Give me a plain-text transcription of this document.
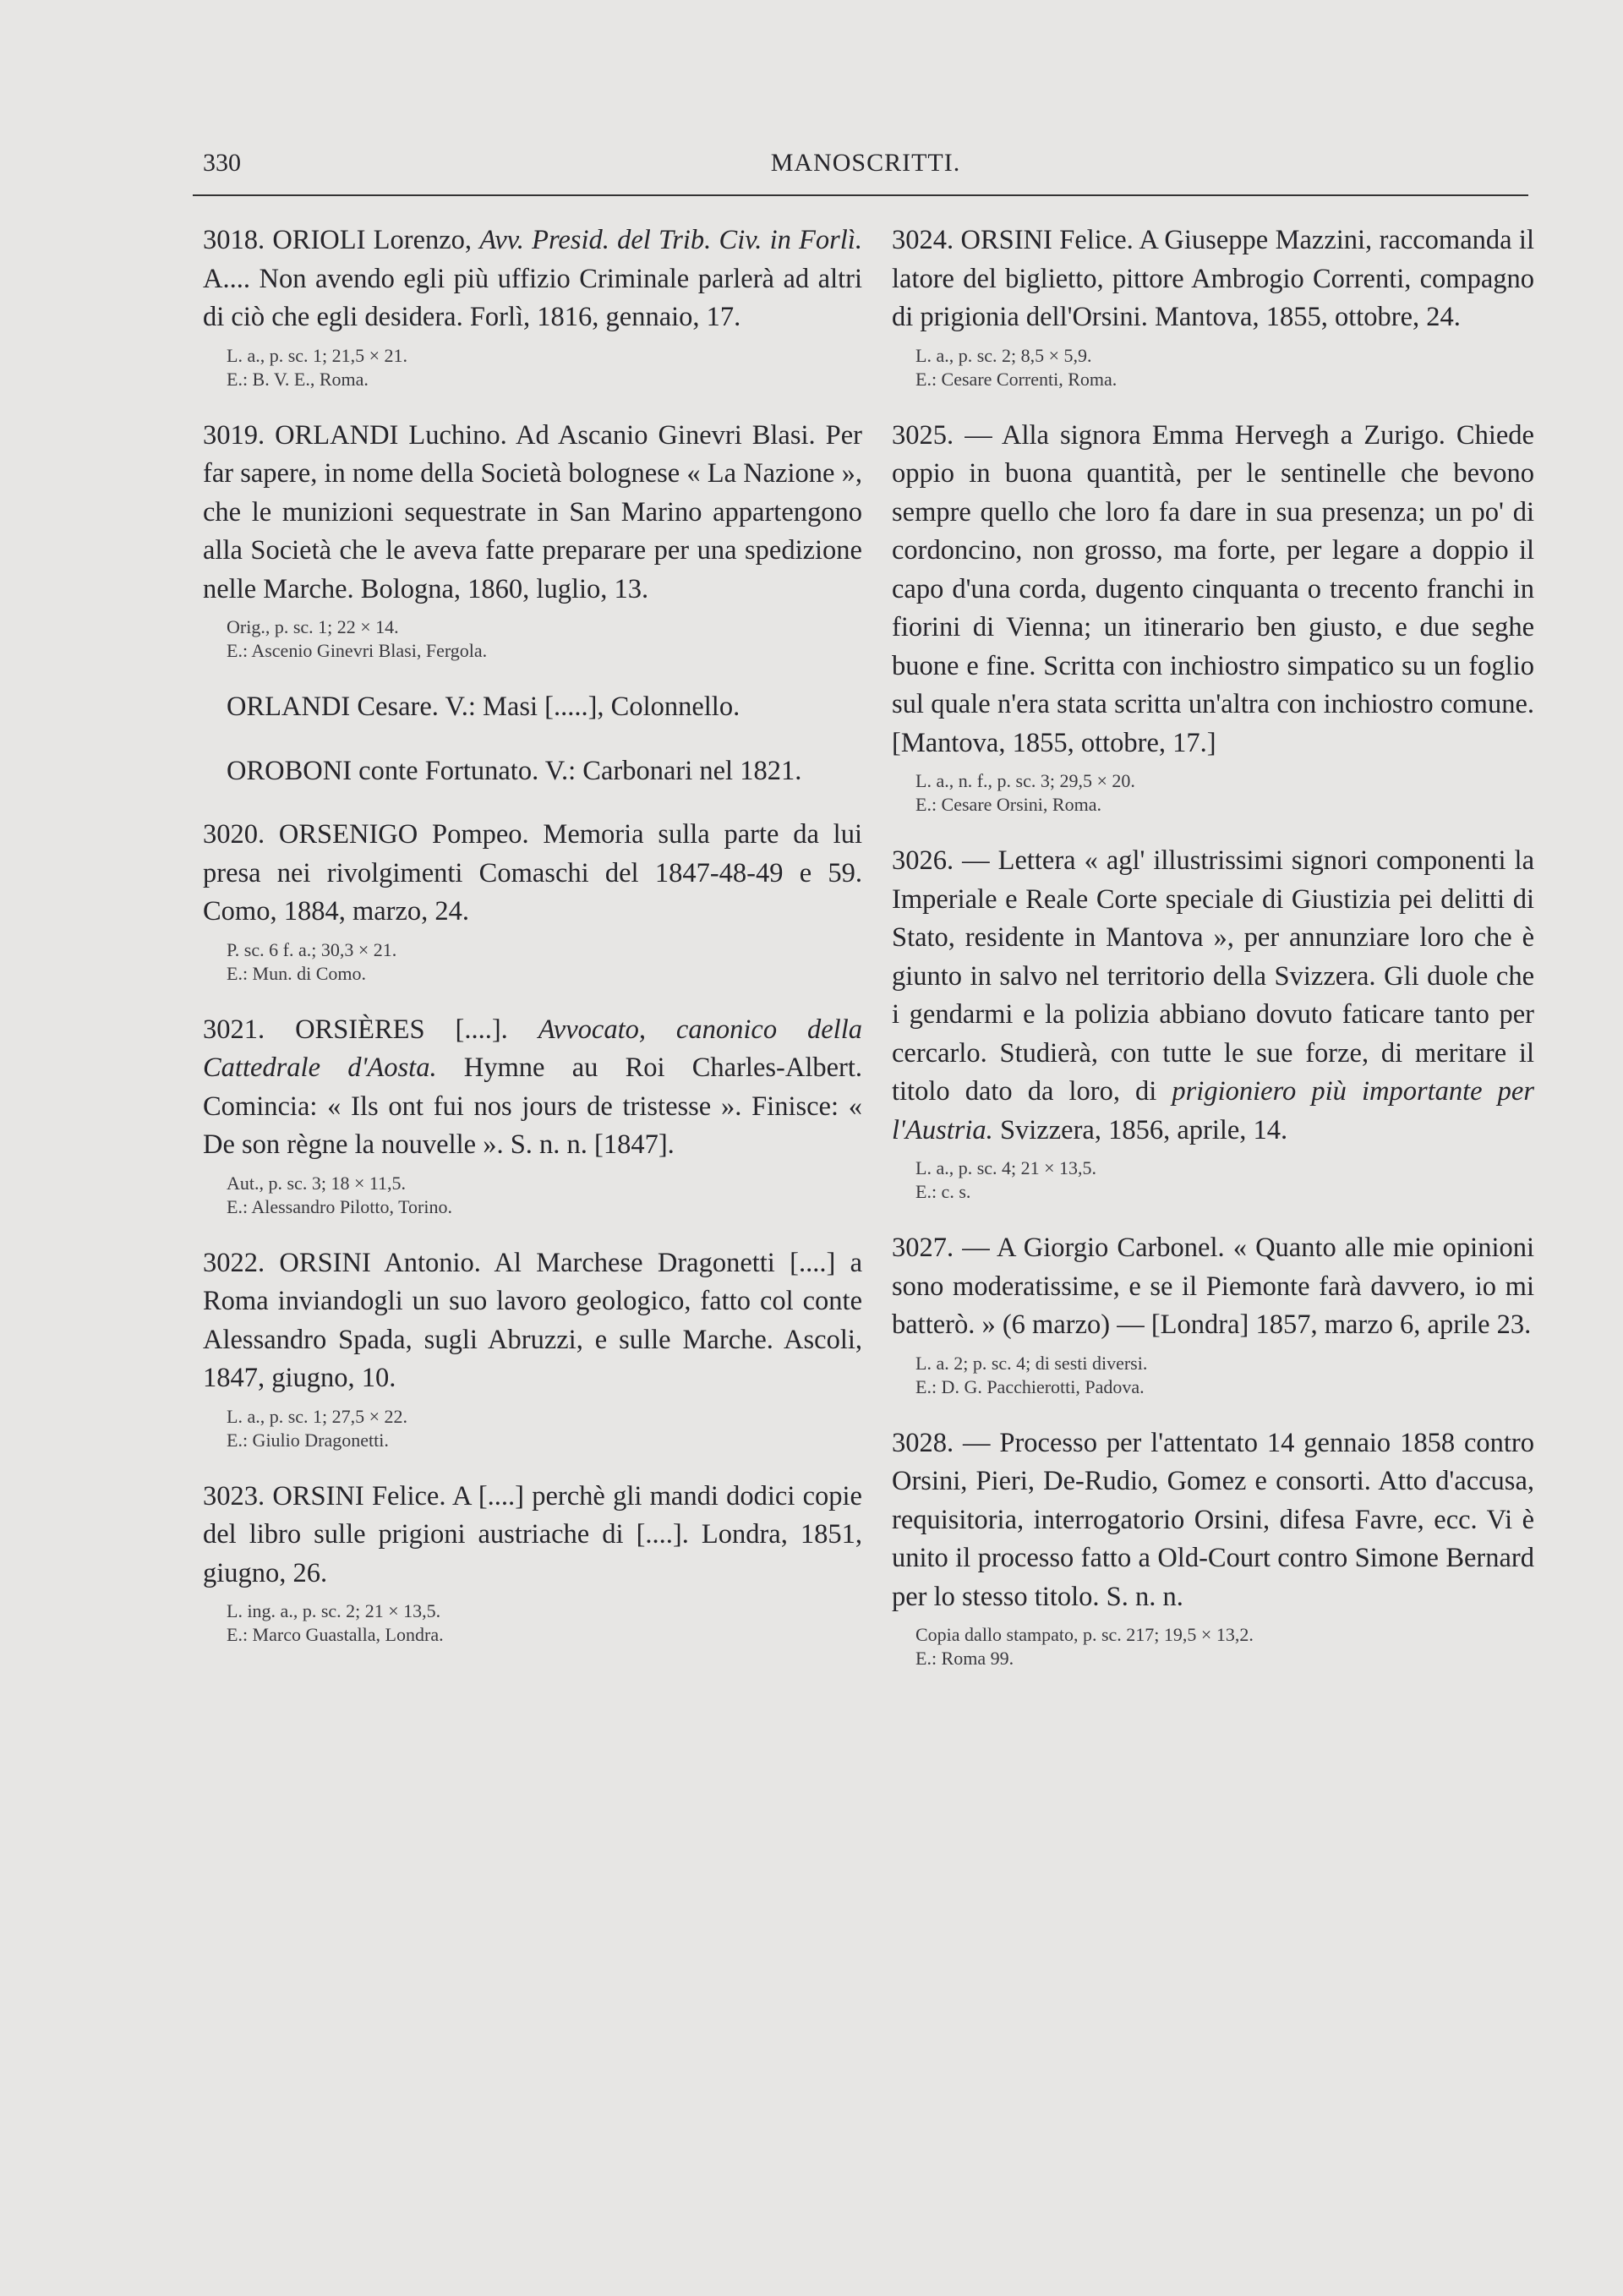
330	MANOSCRITTI.
3018. ORIOLI Lorenzo, Avv. Presid. del Trib. Civ. in Forlì. A.... Non avendo egli più uffizio Criminale parlerà ad altri di ciò che egli desidera. Forlì, 1816, gennaio, 17.
L. a., p. sc. 1; 21,5 × 21.
E.: B. V. E., Roma.
3019. ORLANDI Luchino. Ad Ascanio Ginevri Blasi. Per far sapere, in nome della Società bolognese « La Nazione », che le munizioni sequestrate in San Marino appartengono alla Società che le aveva fatte preparare per una spedizione nelle Marche. Bologna, 1860, luglio, 13.
Orig., p. sc. 1; 22 × 14.
E.: Ascenio Ginevri Blasi, Fergola.
ORLANDI Cesare. V.: Masi [.....], Colonnello.
OROBONI conte Fortunato. V.: Carbonari nel 1821.
3020. ORSENIGO Pompeo. Memoria sulla parte da lui presa nei rivolgimenti Comaschi del 1847-48-49 e 59. Como, 1884, marzo, 24.
P. sc. 6 f. a.; 30,3 × 21.
E.: Mun. di Como.
3021. ORSIÈRES [....]. Avvocato, canonico della Cattedrale d'Aosta. Hymne au Roi Charles-Albert. Comincia: « Ils ont fui nos jours de tristesse ». Finisce: « De son règne la nouvelle ». S. n. n. [1847].
Aut., p. sc. 3; 18 × 11,5.
E.: Alessandro Pilotto, Torino.
3022. ORSINI Antonio. Al Marchese Dragonetti [....] a Roma inviandogli un suo lavoro geologico, fatto col conte Alessandro Spada, sugli Abruzzi, e sulle Marche. Ascoli, 1847, giugno, 10.
L. a., p. sc. 1; 27,5 × 22.
E.: Giulio Dragonetti.
3023. ORSINI Felice. A [....] perchè gli mandi dodici copie del libro sulle prigioni austriache di [....]. Londra, 1851, giugno, 26.
L. ing. a., p. sc. 2; 21 × 13,5.
E.: Marco Guastalla, Londra.
3024. ORSINI Felice. A Giuseppe Mazzini, raccomanda il latore del biglietto, pittore Ambrogio Correnti, compagno di prigionia dell'Orsini. Mantova, 1855, ottobre, 24.
L. a., p. sc. 2; 8,5 × 5,9.
E.: Cesare Correnti, Roma.
3025. — Alla signora Emma Hervegh a Zurigo. Chiede oppio in buona quantità, per le sentinelle che bevono sempre quello che loro fa dare in sua presenza; un po' di cordoncino, non grosso, ma forte, per legare a doppio il capo d'una corda, dugento cinquanta o trecento franchi in fiorini di Vienna; un itinerario ben giusto, e due seghe buone e fine. Scritta con inchiostro simpatico su un foglio sul quale n'era stata scritta un'altra con inchiostro comune. [Mantova, 1855, ottobre, 17.]
L. a., n. f., p. sc. 3; 29,5 × 20.
E.: Cesare Orsini, Roma.
3026. — Lettera « agl' illustrissimi signori componenti la Imperiale e Reale Corte speciale di Giustizia pei delitti di Stato, residente in Mantova », per annunziare loro che è giunto in salvo nel territorio della Svizzera. Gli duole che i gendarmi e la polizia abbiano dovuto faticare tanto per cercarlo. Studierà, con tutte le sue forze, di meritare il titolo dato da loro, di prigioniero più importante per l'Austria. Svizzera, 1856, aprile, 14.
L. a., p. sc. 4; 21 × 13,5.
E.: c. s.
3027. — A Giorgio Carbonel. « Quanto alle mie opinioni sono moderatissime, e se il Piemonte farà davvero, io mi batterò. » (6 marzo) — [Londra] 1857, marzo 6, aprile 23.
L. a. 2; p. sc. 4; di sesti diversi.
E.: D. G. Pacchierotti, Padova.
3028. — Processo per l'attentato 14 gennaio 1858 contro Orsini, Pieri, De-Rudio, Gomez e consorti. Atto d'accusa, requisitoria, interrogatorio Orsini, difesa Favre, ecc. Vi è unito il processo fatto a Old-Court contro Simone Bernard per lo stesso titolo. S. n. n.
Copia dallo stampato, p. sc. 217; 19,5 × 13,2.
E.: Roma 99.
